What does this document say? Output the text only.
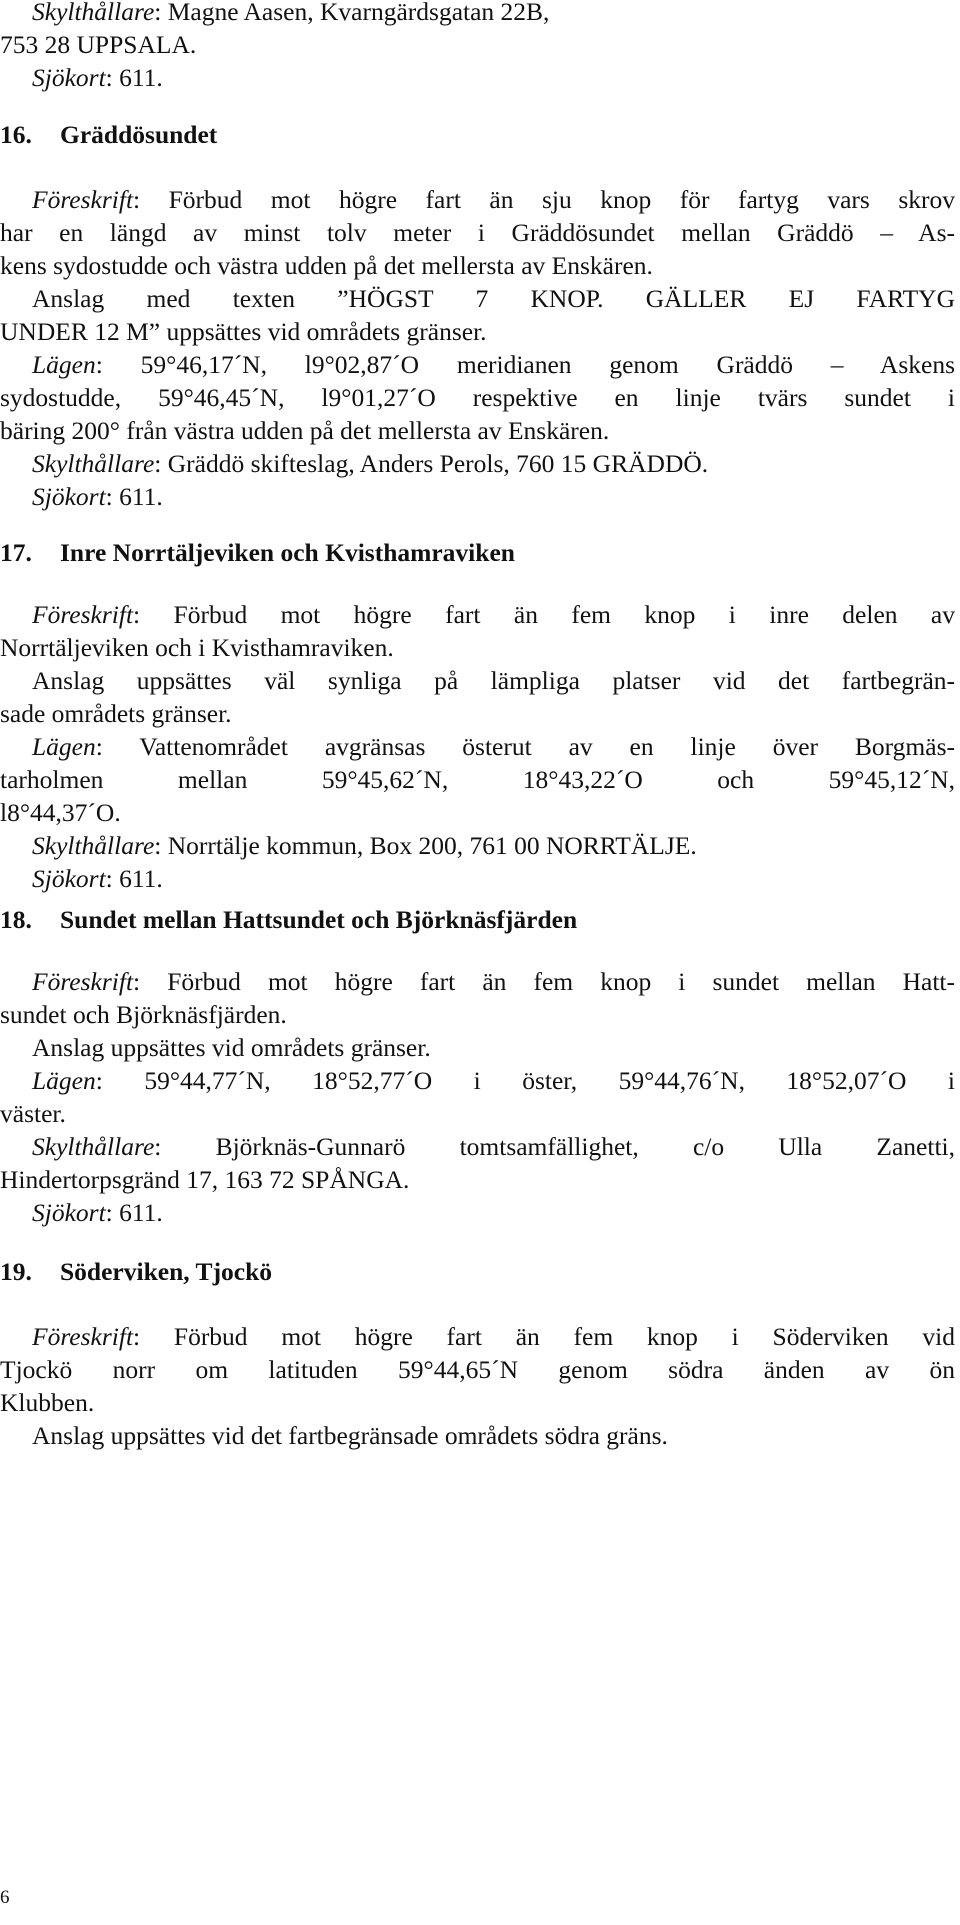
Skylthållare: Magne Aasen, Kvarngärdsgatan 22B,
753 28 UPPSALA.
Sjökort: 611.
16. Gräddösundet
Föreskrift: Förbud mot högre fart än sju knop för fartyg vars skrov
har en längd av minst tolv meter i Gräddösundet mellan Gräddö – As-
kens sydostudde och västra udden på det mellersta av Enskären.
Anslag med texten ”HÖGST 7 KNOP. GÄLLER EJ FARTYG
UNDER 12 M” uppsättes vid områdets gränser.
Lägen: 59°46,17´N, l9°02,87´O meridianen genom Gräddö – Askens
sydostudde, 59°46,45´N, l9°01,27´O respektive en linje tvärs sundet i
bäring 200° från västra udden på det mellersta av Enskären.
Skylthållare: Gräddö skifteslag, Anders Perols, 760 15 GRÄDDÖ.
Sjökort: 611.
17. Inre Norrtäljeviken och Kvisthamraviken
Föreskrift: Förbud mot högre fart än fem knop i inre delen av
Norrtäljeviken och i Kvisthamraviken.
Anslag uppsättes väl synliga på lämpliga platser vid det fartbegrän-
sade områdets gränser.
Lägen: Vattenområdet avgränsas österut av en linje över Borgmäs-
tarholmen mellan 59°45,62´N, 18°43,22´O och 59°45,12´N,
l8°44,37´O.
Skylthållare: Norrtälje kommun, Box 200, 761 00 NORRTÄLJE.
Sjökort: 611.
18. Sundet mellan Hattsundet och Björknäsfjärden
Föreskrift: Förbud mot högre fart än fem knop i sundet mellan Hatt-
sundet och Björknäsfjärden.
Anslag uppsättes vid områdets gränser.
Lägen: 59°44,77´N, 18°52,77´O i öster, 59°44,76´N, 18°52,07´O i
väster.
Skylthållare: Björknäs-Gunnarö tomtsamfällighet, c/o Ulla Zanetti,
Hindertorpsgränd 17, 163 72 SPÅNGA.
Sjökort: 611.
19. Söderviken, Tjockö
Föreskrift: Förbud mot högre fart än fem knop i Söderviken vid
Tjockö norr om latituden 59°44,65´N genom södra änden av ön
Klubben.
Anslag uppsättes vid det fartbegränsade områdets södra gräns.
6
